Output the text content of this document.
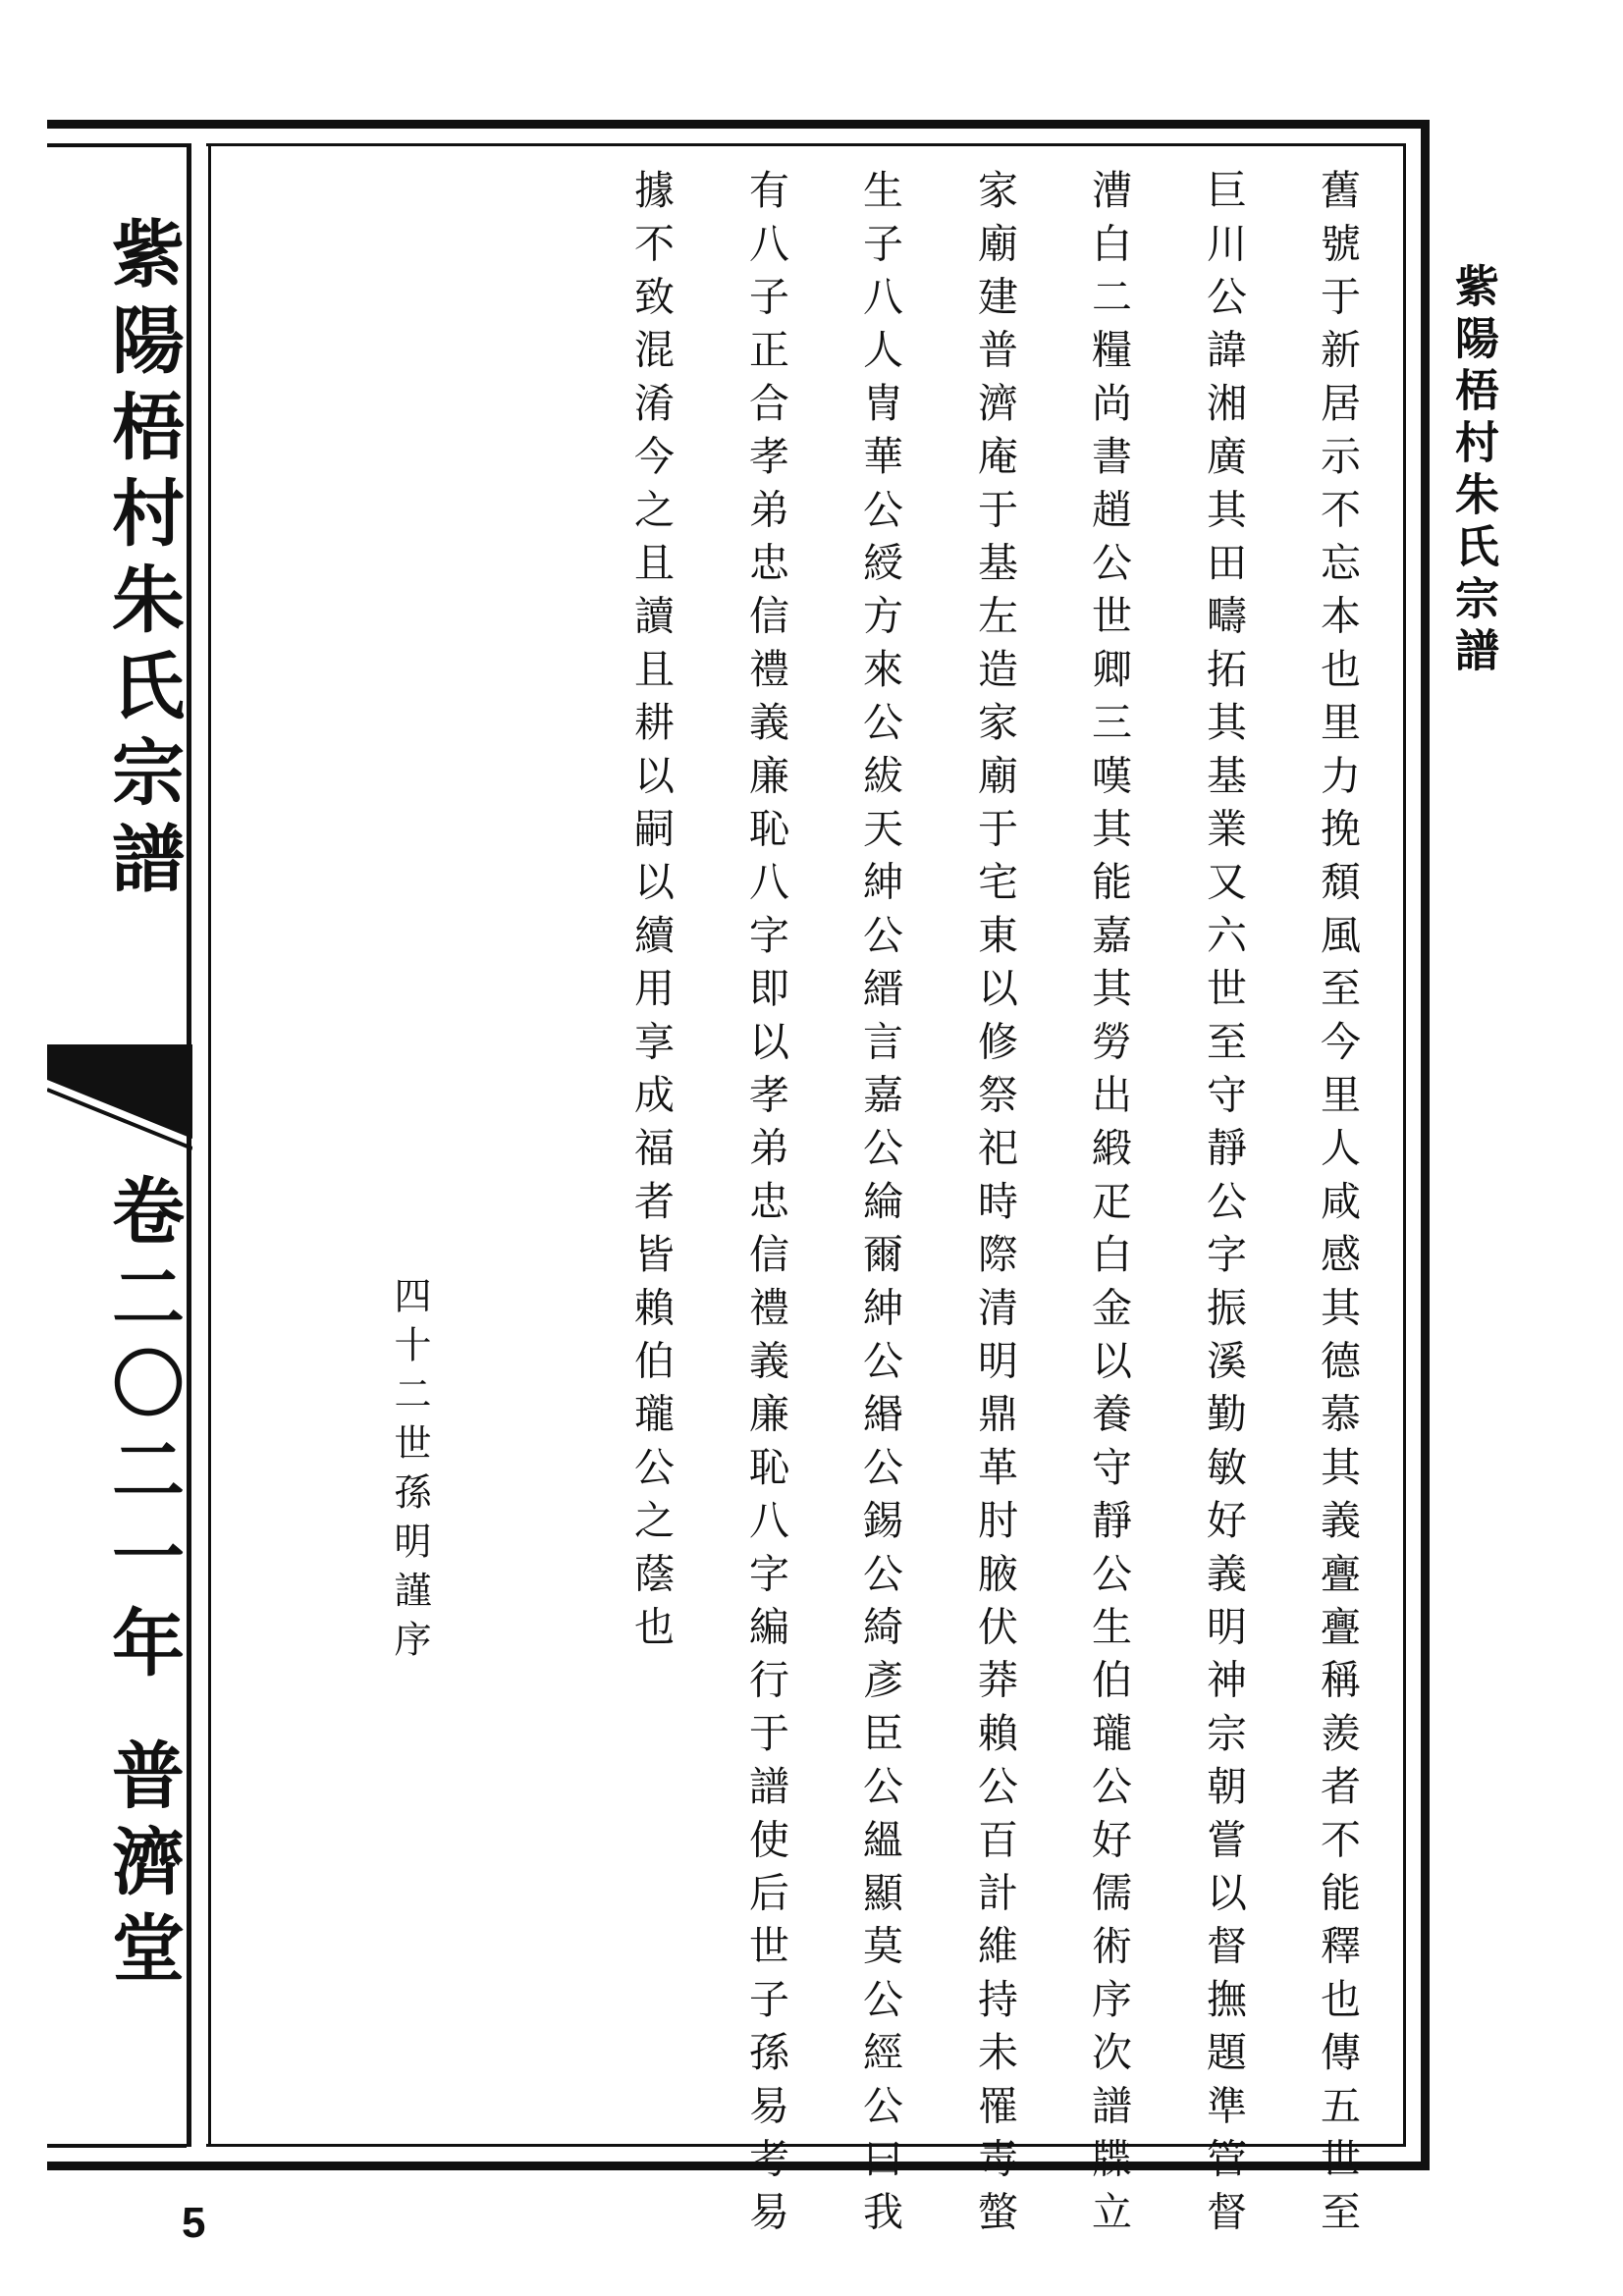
紫陽梧村朱氏宗譜
卷二〇二一年
普濟堂
紫陽梧村朱氏宗譜
舊號于新居示不忘本也里力挽頹風至今里人咸感其德慕其義亹亹稱羨者不能釋也傳五世至
巨川公諱湘廣其田疇拓其基業又六世至守靜公字振溪勤敏好義明神宗朝嘗以督撫題準管督
漕白二糧尚書趙公世卿三嘆其能嘉其勞出緞疋白金以養守靜公生伯瓏公好儒術序次譜牒立
家廟建普濟庵于基左造家廟于宅東以修祭祀時際清明鼎革肘腋伏莽賴公百計維持未罹毒螫
生子八人冑華公綬方來公紱天紳公縉言嘉公綸爾紳公緡公錫公綺彥臣公縕顯莫公經公曰我
有八子正合孝弟忠信禮義廉恥八字即以孝弟忠信禮義廉恥八字編行于譜使后世子孫易考易
據不致混淆今之且讀且耕以嗣以續用享成福者皆賴伯瓏公之蔭也
四十二世孫明謹序
5
